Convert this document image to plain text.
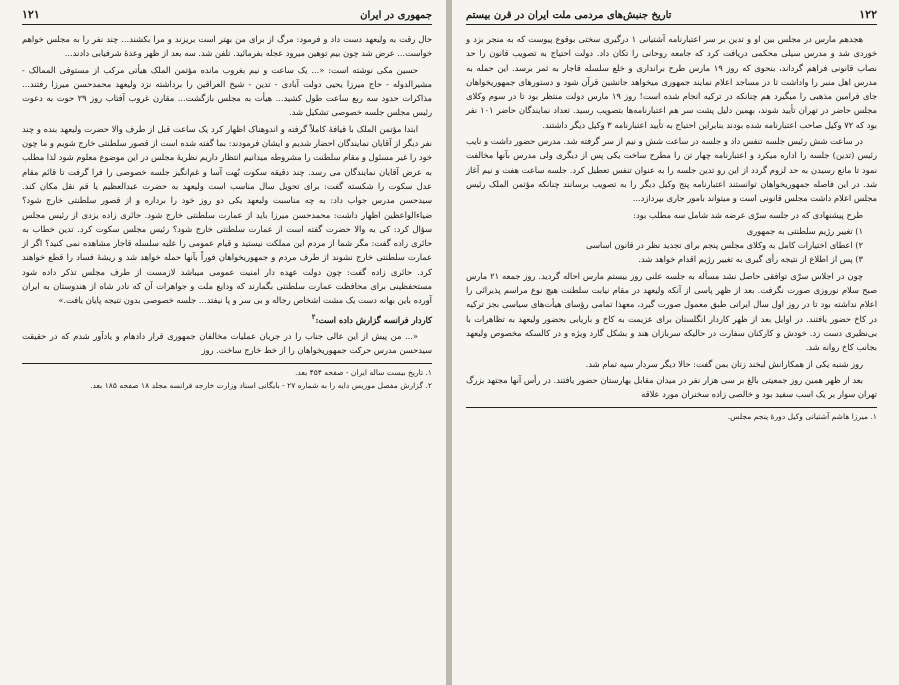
جمهوری در ایران
۱۲۱

حال رقت به ولیعهد دست داد و فرمود: مرگ از برای من بهتر است بریزند و مرا بکشند... چند نفر را به مجلس خواهم خواست... عرض شد چون بیم توهین میرود عجله بفرمائید. تلفن شد. سه بعد از ظهر وعدهٔ شرفیابی دادند...

حسین مکی نوشته است: «... یک ساعت و نیم بغروب مانده مؤتمن الملک هیأتی مرکب از مستوفی الممالک - مشیرالدوله - حاج میرزا یحیی دولت آبادی - تدین - شیخ العراقین را برداشته نزد ولیعهد محمدحسن میرزا رفتند... مذاکرات حدود سه ربع ساعت طول کشید... هیأت به مجلس بازگشت... مقارن غروب آفتاب روز ۲۹ حوت به دعوت رئیس مجلس جلسه خصوصی تشکیل شد.

ابتدا مؤتمن الملک با قیافهٔ کاملاً گرفته و اندوهناک اظهار کرد یک ساعت قبل از طرف والا حضرت ولیعهد بنده و چند نفر دیگر از آقایان نمایندگان احضار شدیم و ایشان فرمودند: بما گفته شده است از قصور سلطنتی خارج شویم و ما چون خود را غیر مسئول و مقام سلطنت را مشروطه میدانیم انتظار داریم نظریهٔ مجلس در این موضوع معلوم شود لذا مطلب به عرض آقایان نمایندگان می رسد. چند دقیقه سکوت بُهت آسا و غم‌انگیز جلسه خصوصی را فرا گرفت تا قائم مقام عدل سکوت را شکسته گفت: برای تحویل سال مناسب است ولیعهد به حضرت عبدالعظیم یا قم نقل مکان کند. سیدحسن مدرس جواب داد: به چه مناسبت ولیعهد یکی دو روز خود را برداره و از قصور سلطنتی خارج شود؟ ضیاءالواعظین اظهار داشت: محمدحسن میرزا باید از عمارت سلطنتی خارج شود. حائری زاده یزدی از رئیس مجلس سؤال کرد: کی به والا حضرت گفته است از عمارت سلطنتی خارج شود؟ رئیس مجلس سکوت کرد. تدین خطاب به حائری زاده گفت: مگر شما از مردم این مملکت نیستید و قیام عمومی را علیه سلسله قاجار مشاهده نمی کنید؟ اگر از عمارت سلطنتی خارج نشوند از طرف مردم و جمهوریخواهان فوراً بآنها حمله خواهد شد و ریشهٔ فساد را قطع خواهند کرد. حائری زاده گفت: چون دولت عهده دار امنیت عمومی میباشد لازمست از طرف مجلس تذکر داده شود مستحفظینی برای محافظت عمارت سلطنتی بگمارند که ودایع ملت و جواهرات آن که نادر شاه از هندوستان به ایران آورده باین بهانه دست یک مشت اشخاص رجاله و بی سر و پا نیفتد... جلسه خصوصی بدون نتیجه پایان یافت.»

کاردار فرانسه گزارش داده است:$^۲$

«... من پیش از این عالی جناب را در جریان عملیات مخالفان جمهوری قرار دادهام و یادآور شدم که در حقیقت سیدحسن مدرس حرکت جمهوریخواهان را از خط خارج ساخت. روز

۱. تاریخ بیست ساله ایران - صفحه ۴۵۴ بعد.

۲. گزارش مفصل موریس دایه را به شماره ۲۷ - بایگانی اسناد وزارت خارجه فرانسه مجلد ۱۸ صفحه ۱۸۵ بعد.

۱۲۲
تاریخ جنبش‌های مردمی ملت ایران در قرن بیستم

هجدهم مارس در مجلس بین او و تدین بر سر اعتبارنامه آشتیانی ۱ درگیری سختی بوقوع پیوست که به منجر بزد و خوردی شد و مدرس سیلی محکمی دریافت کرد که جامعه روحانی را تکان داد. دولت احتیاج به تصویب قانون را حد نصاب قانونی فراهم گرداند، بنحوی که روز ۱۹ مارس طرح برانداری و خلع سلسله قاجار به ثمر برسد. این حمله به مدرس اهل منبر را واداشت تا در مساجد اعلام نمایند جمهوری میخواهد جانشین قرآن شود و دستورهای جمهوریخواهان جای فرامین مذهبی را میگیرد هم چنانکه در ترکیه انجام شده است! روز ۱۹ مارس دولت منتظر بود تا در سوم وکلای مجلس حاضر در تهران تأیید شوند، بهمین دلیل پشت سر هم اعتبارنامه‌ها بتصویب رسید. تعداد نمایندگان حاضر ۱۰۱ نفر بود که ۷۲ وکیل صاحب اعتبارنامه شده بودند بنابراین احتیاج به تأیید اعتبارنامه ۳ وکیل دیگر داشتند.

در ساعت شش رئیس جلسه تنفس داد و جلسه در ساعت شش و نیم از سر گرفته شد. مدرس حضور داشت و نایب رئیس (تدین) جلسه را اداره میکرد و اعتبارنامه چهار تن را مطرح ساخت یکی پس از دیگری ولی مدرس بآنها مخالفت نمود تا مانع رسیدن به حد لزوم گردد از این رو تدین جلسه را به عنوان تنفس تعطیل کرد. جلسه ساعت هفت و نیم آغاز شد. در این فاصله جمهوریخواهان توانستند اعتبارنامه پنج وکیل دیگر را به تصویب برسانند چنانکه مؤتمن الملک رئیس مجلس اعلام داشت مجلس قانونی است و میتواند بامور جاری بپردازد...

طرح پیشنهادی که در جلسه سرّی عرضه شد شامل سه مطلب بود:

۱) تغییر رژیم سلطنتی به جمهوری
۲) اعطای اختیارات کامل به وکلای مجلس پنجم برای تجدید نظر در قانون اساسی
۳) پس از اطلاع از نتیجه رأی گیری به تغییر رژیم اقدام خواهد شد.

چون در اجلاس سرّی توافقی حاصل نشد مسأله به جلسه علنی روز بیستم مارس احاله گردید. روز جمعه ۲۱ مارس صبح سلام نوروزی صورت نگرفت. بعد از ظهر پاسی از آنکه ولیعهد در مقام نیابت سلطنت هیچ نوع مراسم پذیرائی را اعلام نداشته بود تا در روز اول سال ایرانی طبق معمول صورت گیرد، معهذا تمامی رؤسای هیأت‌های سیاسی بجز ترکیه در کاخ حضور یافتند. در اوایل بعد از ظهر کاردار انگلستان برای عزیمت به کاخ و باریابی بحضور ولیعهد به تظاهرات با بی‌نظیری دست زد. خودش و کارکنان سفارت در حالیکه سربازان هند و بشکل گارد ویژه و در کالسکه مخصوص ولیعهد بجانب کاخ روانه شد.

روز شنبه یکی از همکارانش لبخند زنان بمن گفت: حالا دیگر سردار سپه تمام شد.

بعد از ظهر همین روز جمعیتی بالغ بر سی هزار نفر در میدان مقابل بهارستان حضور یافتند. در رأس آنها مجتهد بزرگ تهران سوار بر یک اسب سفید بود و خالصی زاده سخنران مورد علاقه

۱. میرزا هاشم آشتیانی وکیل دورهٔ پنجم مجلس.
